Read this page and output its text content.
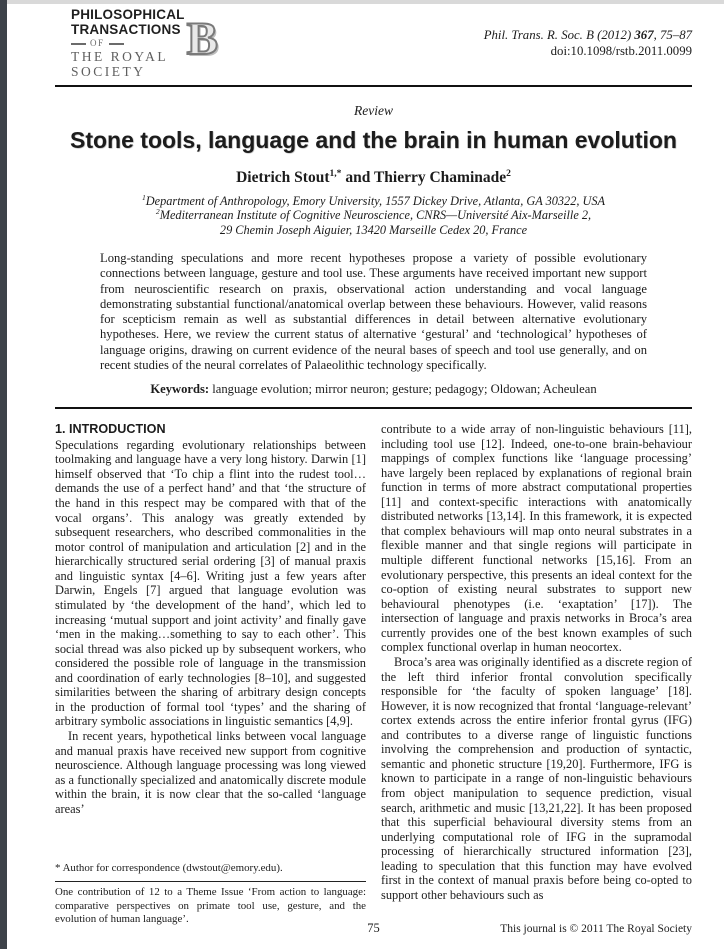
PHILOSOPHICAL
TRANSACTIONS
OF
THE ROYAL
SOCIETY
B	Phil. Trans. R. Soc. B (2012) 367, 75–87
doi:10.1098/rstb.2011.0099
Review
Stone tools, language and the brain in human evolution
Dietrich Stout$^{1,*}$ and Thierry Chaminade$^2$
$^1$Department of Anthropology, Emory University, 1557 Dickey Drive, Atlanta, GA 30322, USA
$^2$Mediterranean Institute of Cognitive Neuroscience, CNRS—Université Aix-Marseille 2,
29 Chemin Joseph Aiguier, 13420 Marseille Cedex 20, France
Long-standing speculations and more recent hypotheses propose a variety of possible evolutionary connections between language, gesture and tool use. These arguments have received important new support from neuroscientific research on praxis, observational action understanding and vocal language demonstrating substantial functional/anatomical overlap between these behaviours. However, valid reasons for scepticism remain as well as substantial differences in detail between alternative evolutionary hypotheses. Here, we review the current status of alternative ‘gestural’ and ‘technological’ hypotheses of language origins, drawing on current evidence of the neural bases of speech and tool use generally, and on recent studies of the neural correlates of Palaeolithic technology specifically.
Keywords: language evolution; mirror neuron; gesture; pedagogy; Oldowan; Acheulean
1. INTRODUCTION

Speculations regarding evolutionary relationships between toolmaking and language have a very long history. Darwin [1] himself observed that ‘To chip a flint into the rudest tool…demands the use of a perfect hand’ and that ‘the structure of the hand in this respect may be compared with that of the vocal organs’. This analogy was greatly extended by subsequent researchers, who described commonalities in the motor control of manipulation and articulation [2] and in the hierarchically structured serial ordering [3] of manual praxis and linguistic syntax [4–6]. Writing just a few years after Darwin, Engels [7] argued that language evolution was stimulated by ‘the development of the hand’, which led to increasing ‘mutual support and joint activity’ and finally gave ‘men in the making…something to say to each other’. This social thread was also picked up by subsequent workers, who considered the possible role of language in the transmission and coordination of early technologies [8–10], and suggested similarities between the sharing of arbitrary design concepts in the production of formal tool ‘types’ and the sharing of arbitrary symbolic associations in linguistic semantics [4,9].

In recent years, hypothetical links between vocal language and manual praxis have received new support from cognitive neuroscience. Although language processing was long viewed as a functionally specialized and anatomically discrete module within the brain, it is now clear that the so-called ‘language areas’

* Author for correspondence (dwstout@emory.edu).
One contribution of 12 to a Theme Issue ‘From action to language: comparative perspectives on primate tool use, gesture, and the evolution of human language’.

contribute to a wide array of non-linguistic behaviours [11], including tool use [12]. Indeed, one-to-one brain-behaviour mappings of complex functions like ‘language processing’ have largely been replaced by explanations of regional brain function in terms of more abstract computational properties [11] and context-specific interactions with anatomically distributed networks [13,14]. In this framework, it is expected that complex behaviours will map onto neural substrates in a flexible manner and that single regions will participate in multiple different functional networks [15,16]. From an evolutionary perspective, this presents an ideal context for the co-option of existing neural substrates to support new behavioural phenotypes (i.e. ‘exaptation’ [17]). The intersection of language and praxis networks in Broca’s area currently provides one of the best known examples of such complex functional overlap in human neocortex.

Broca’s area was originally identified as a discrete region of the left third inferior frontal convolution specifically responsible for ‘the faculty of spoken language’ [18]. However, it is now recognized that frontal ‘language-relevant’ cortex extends across the entire inferior frontal gyrus (IFG) and contributes to a diverse range of linguistic functions involving the comprehension and production of syntactic, semantic and phonetic structure [19,20]. Furthermore, IFG is known to participate in a range of non-linguistic behaviours from object manipulation to sequence prediction, visual search, arithmetic and music [13,21,22]. It has been proposed that this superficial behavioural diversity stems from an underlying computational role of IFG in the supramodal processing of hierarchically structured information [23], leading to speculation that this function may have evolved first in the context of manual praxis before being co-opted to support other behaviours such as

75	This journal is © 2011 The Royal Society
